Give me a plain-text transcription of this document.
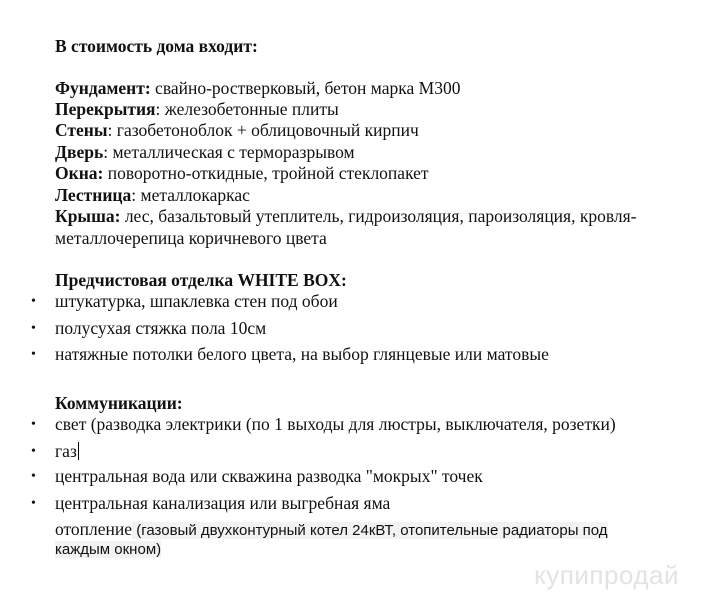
В стоимость дома входит:
Фундамент: свайно-ростверковый, бетон марка М300
Перекрытия: железобетонные плиты
Стены: газобетоноблок + облицовочный кирпич
Дверь: металлическая с терморазрывом
Окна: поворотно-откидные, тройной стеклопакет
Лестница: металлокаркас
Крыша: лес, базальтовый утеплитель, гидроизоляция, пароизоляция, кровля-
металлочерепица коричневого цвета
Предчистовая отделка WHITE BOX:
• штукатурка, шпаклевка стен под обои
• полусухая стяжка пола 10см
• натяжные потолки белого цвета, на выбор глянцевые или матовые
Коммуникации:
• свет (разводка электрики (по 1 выходы для люстры, выключателя, розетки)
• газ
• центральная вода или скважина разводка "мокрых" точек
• центральная канализация или выгребная яма
отопление (газовый двухконтурный котел 24кВТ, отопительные радиаторы под
каждым окном)
купипродай
